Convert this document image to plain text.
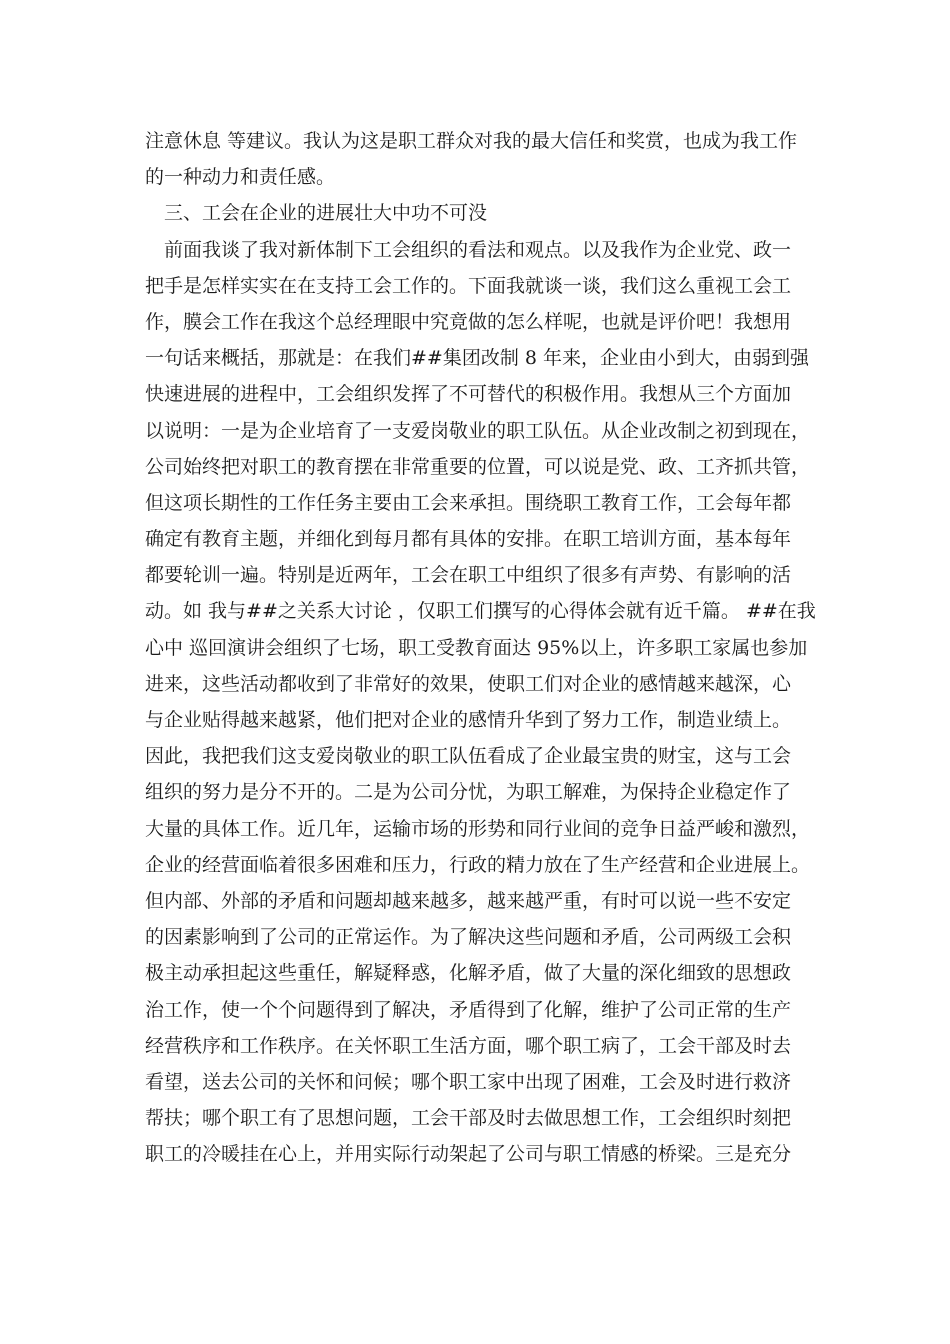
注意休息 等建议。我认为这是职工群众对我的最大信任和奖赏，也成为我工作
的一种动力和责任感。
三、工会在企业的进展壮大中功不可没
前面我谈了我对新体制下工会组织的看法和观点。以及我作为企业党、政一
把手是怎样实实在在支持工会工作的。下面我就谈一谈，我们这么重视工会工
作，膜会工作在我这个总经理眼中究竟做的怎么样呢，也就是评价吧！我想用
一句话来概括，那就是：在我们##集团改制 8 年来，企业由小到大，由弱到强
快速进展的进程中，工会组织发挥了不可替代的积极作用。我想从三个方面加
以说明：一是为企业培育了一支爱岗敬业的职工队伍。从企业改制之初到现在，
公司始终把对职工的教育摆在非常重要的位置，可以说是党、政、工齐抓共管，
但这项长期性的工作任务主要由工会来承担。围绕职工教育工作，工会每年都
确定有教育主题，并细化到每月都有具体的安排。在职工培训方面，基本每年
都要轮训一遍。特别是近两年，工会在职工中组织了很多有声势、有影响的活
动。如 我与##之关系大讨论 ，仅职工们撰写的心得体会就有近千篇。 ##在我
心中 巡回演讲会组织了七场，职工受教育面达 95%以上，许多职工家属也参加
进来，这些活动都收到了非常好的效果，使职工们对企业的感情越来越深，心
与企业贴得越来越紧，他们把对企业的感情升华到了努力工作，制造业绩上。
因此，我把我们这支爱岗敬业的职工队伍看成了企业最宝贵的财宝，这与工会
组织的努力是分不开的。二是为公司分忧，为职工解难，为保持企业稳定作了
大量的具体工作。近几年，运输市场的形势和同行业间的竞争日益严峻和激烈，
企业的经营面临着很多困难和压力，行政的精力放在了生产经营和企业进展上。
但内部、外部的矛盾和问题却越来越多，越来越严重，有时可以说一些不安定
的因素影响到了公司的正常运作。为了解决这些问题和矛盾，公司两级工会积
极主动承担起这些重任，解疑释惑，化解矛盾，做了大量的深化细致的思想政
治工作，使一个个问题得到了解决，矛盾得到了化解，维护了公司正常的生产
经营秩序和工作秩序。在关怀职工生活方面，哪个职工病了，工会干部及时去
看望，送去公司的关怀和问候；哪个职工家中出现了困难，工会及时进行救济
帮扶；哪个职工有了思想问题，工会干部及时去做思想工作，工会组织时刻把
职工的冷暖挂在心上，并用实际行动架起了公司与职工情感的桥梁。三是充分
